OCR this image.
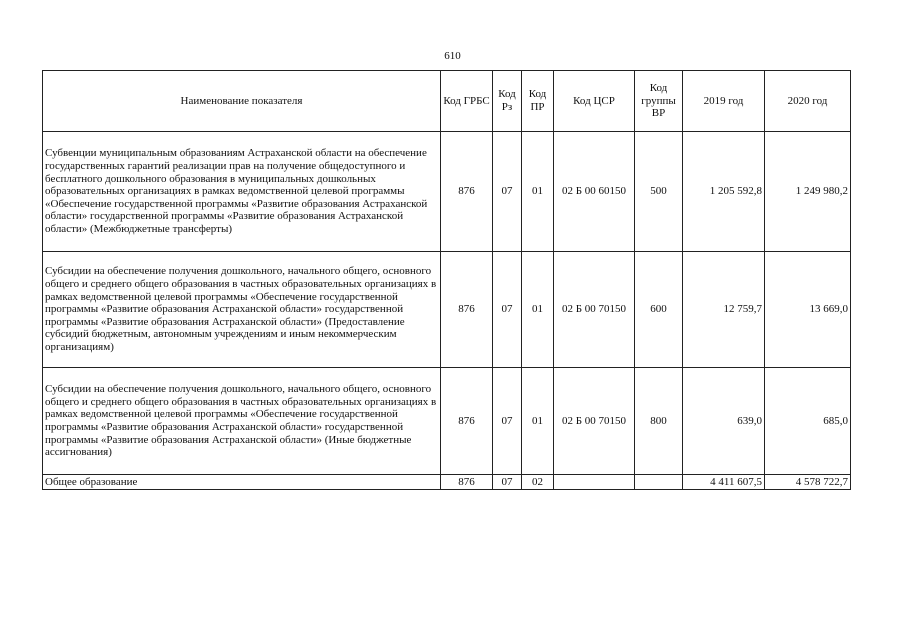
610
Наименование показателя	Код ГРБС	Код Рз	Код ПР	Код ЦСР	Код группы ВР	2019 год	2020 год
Субвенции муниципальным образованиям Астраханской области на обеспечение государственных гарантий реализации прав на получение общедоступного и бесплатного дошкольного образования в муниципальных дошкольных образовательных организациях в рамках ведомственной целевой программы «Обеспечение государственной программы «Развитие образования Астраханской области» государственной программы «Развитие образования Астраханской области» (Межбюджетные трансферты)	876	07	01	02 Б 00 60150	500	1 205 592,8	1 249 980,2
Субсидии на обеспечение получения дошкольного, начального общего, основного общего и среднего общего образования в частных образовательных организациях в рамках ведомственной целевой программы «Обеспечение государственной программы «Развитие образования Астраханской области» государственной программы «Развитие образования Астраханской области» (Предоставление субсидий бюджетным, автономным учреждениям и иным некоммерческим организациям)	876	07	01	02 Б 00 70150	600	12 759,7	13 669,0
Субсидии на обеспечение получения дошкольного, начального общего, основного общего и среднего общего образования в частных образовательных организациях в рамках ведомственной целевой программы «Обеспечение государственной программы «Развитие образования Астраханской области» государственной программы «Развитие образования Астраханской области» (Иные бюджетные ассигнования)	876	07	01	02 Б 00 70150	800	639,0	685,0
Общее образование	876	07	02			4 411 607,5	4 578 722,7
